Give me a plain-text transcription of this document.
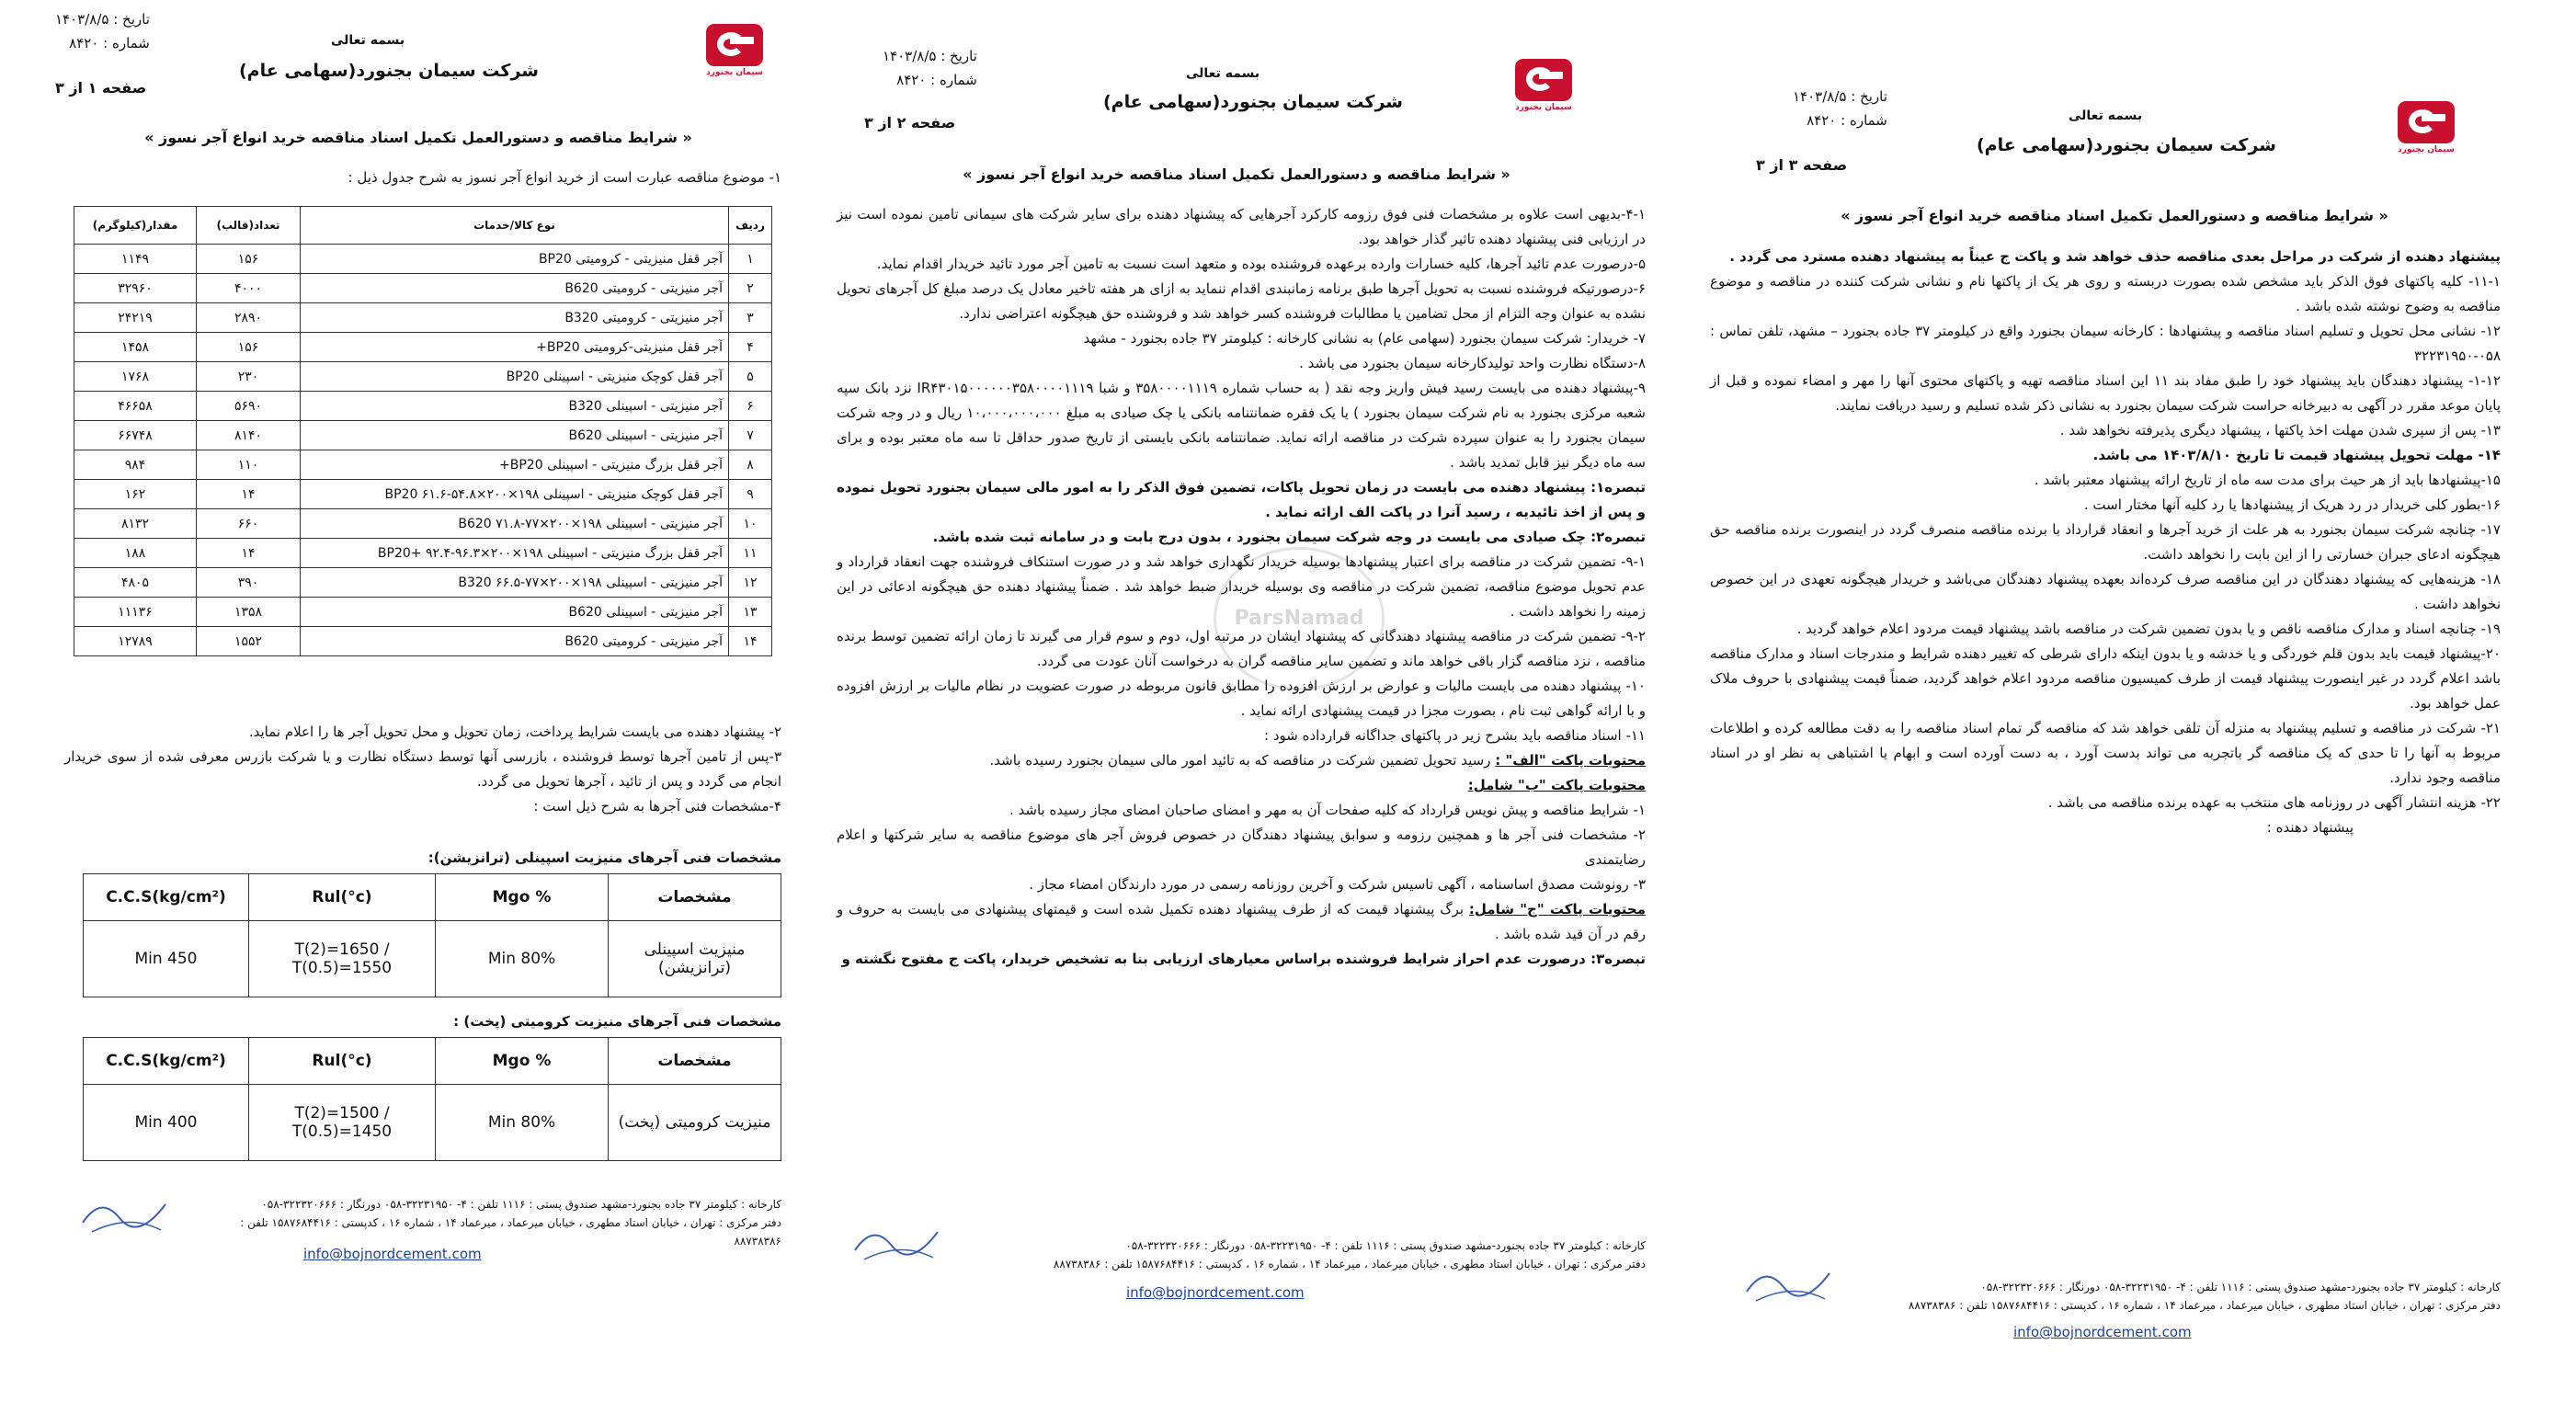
ParsNamad
تاریخ : ۱۴۰۳/۸/۵
شماره : ۸۴۲۰
صفحه ۱ از ۳
بسمه تعالی
شرکت سیمان بجنورد(سهامی عام)	سیمان بجنورد
« شرایط مناقصه و دستورالعمل تکمیل اسناد مناقصه خرید انواع آجر نسوز »
۱- موضوع مناقصه عبارت است از خرید انواع آجر نسوز به شرح جدول ذیل :
ردیف	نوع کالا/خدمات	تعداد(قالب)	مقدار(کیلوگرم)
۱	آجر قفل منیزیتی - کرومیتی BP20	۱۵۶	۱۱۴۹
۲	آجر منیزیتی - کرومیتی B620	۴۰۰۰	۳۲۹۶۰
۳	آجر منیزیتی - کرومیتی B320	۲۸۹۰	۲۴۲۱۹
۴	آجر قفل منیزیتی-کرومیتی BP20+	۱۵۶	۱۴۵۸
۵	آجر قفل کوچک منیزیتی - اسپینلی BP20	۲۳۰	۱۷۶۸
۶	آجر منیزیتی - اسپینلی B320	۵۶۹۰	۴۶۶۵۸
۷	آجر منیزیتی - اسپینلی B620	۸۱۴۰	۶۶۷۴۸
۸	آجر قفل بزرگ منیزیتی - اسپینلی BP20+	۱۱۰	۹۸۴
۹	آجر قفل کوچک منیزیتی - اسپینلی BP20 ۶۱.۶-۵۴.۸×۲۰۰×۱۹۸	۱۴	۱۶۲
۱۰	آجر منیزیتی - اسپینلی B620 ۷۱.۸-۷۷×۲۰۰×۱۹۸	۶۶۰	۸۱۳۲
۱۱	آجر قفل بزرگ منیزیتی - اسپینلی BP20+ ۹۲.۴-۹۶.۳×۲۰۰×۱۹۸	۱۴	۱۸۸
۱۲	آجر منیزیتی - اسپینلی B320 ۶۶.۵-۷۷×۲۰۰×۱۹۸	۳۹۰	۴۸۰۵
۱۳	آجر منیزیتی - اسپینلی B620	۱۳۵۸	۱۱۱۳۶
۱۴	آجر منیزیتی - کرومیتی B620	۱۵۵۲	۱۲۷۸۹
۲- پیشنهاد دهنده می بایست شرایط پرداخت، زمان تحویل و محل تحویل آجر ها را اعلام نماید.
۳-پس از تامین آجرها توسط فروشنده ، بازرسی آنها توسط دستگاه نظارت و یا شرکت بازرس معرفی شده از سوی خریدار انجام می گردد و پس از تائید ، آجرها تحویل می گردد.
۴-مشخصات فنی آجرها به شرح ذیل است :
مشخصات فنی آجرهای منیزیت اسپینلی (ترانزیشن):
مشخصات	Mgo %	Rul(°c)	C.C.S(kg/cm²)
منیزیت اسپینلی (ترانزیشن)	Min 80%	T(2)=1650 / T(0.5)=1550	Min 450
مشخصات فنی آجرهای منیزیت کرومیتی (پخت) :
مشخصات	Mgo %	Rul(°c)	C.C.S(kg/cm²)
منیزیت کرومیتی (پخت)	Min 80%	T(2)=1500 / T(0.5)=1450	Min 400
کارخانه : کیلومتر ۳۷ جاده بجنورد-مشهد صندوق پستی : ۱۱۱۶ تلفن : ۴- ۳۲۲۳۱۹۵۰-۰۵۸ دورنگار : ۳۲۲۳۲۰۶۶۶-۰۵۸
دفتر مرکزی : تهران ، خیابان استاد مطهری ، خیابان میرعماد ، میرعماد ۱۴ ، شماره ۱۶ ، کدپستی : ۱۵۸۷۶۸۴۴۱۶ تلفن : ۸۸۷۳۸۳۸۶
info@bojnordcement.com
تاریخ : ۱۴۰۳/۸/۵
شماره : ۸۴۲۰
صفحه ۲ از ۳
بسمه تعالی
شرکت سیمان بجنورد(سهامی عام)	سیمان بجنورد
« شرایط مناقصه و دستورالعمل تکمیل اسناد مناقصه خرید انواع آجر نسوز »
۴-۱-بدیهی است علاوه بر مشخصات فنی فوق رزومه کارکرد آجرهایی که پیشنهاد دهنده برای سایر شرکت های سیمانی تامین نموده است نیز در ارزیابی فنی پیشنهاد دهنده تاثیر گذار خواهد بود.
۵-درصورت عدم تائید آجرها، کلیه خسارات وارده برعهده فروشنده بوده و متعهد است نسبت به تامین آجر مورد تائید خریدار اقدام نماید.
۶-درصورتیکه فروشنده نسبت به تحویل آجرها طبق برنامه زمانبندی اقدام ننماید به ازای هر هفته تاخیر معادل یک درصد مبلغ کل آجرهای تحویل نشده به عنوان وجه التزام از محل تضامین یا مطالبات فروشنده کسر خواهد شد و فروشنده حق هیچگونه اعتراضی ندارد.
۷- خریدار: شرکت سیمان بجنورد (سهامی عام) به نشانی کارخانه : کیلومتر ۳۷ جاده بجنورد - مشهد
۸-دستگاه نظارت واحد تولیدکارخانه سیمان بجنورد می باشد .
۹-پیشنهاد دهنده می بایست رسید فیش واریز وجه نقد ( به حساب شماره ۳۵۸۰۰۰۰۱۱۱۹ و شبا IR۴۳۰۱۵۰۰۰۰۰۰۳۵۸۰۰۰۰۱۱۱۹ نزد بانک سپه شعبه مرکزی بجنورد به نام شرکت سیمان بجنورد ) یا یک فقره ضمانتنامه بانکی یا چک صیادی به مبلغ ۱۰،۰۰۰،۰۰۰،۰۰۰ ریال و در وجه شرکت سیمان بجنورد را به عنوان سپرده شرکت در مناقصه ارائه نماید. ضمانتنامه بانکی بایستی از تاریخ صدور حداقل تا سه ماه معتبر بوده و برای سه ماه دیگر نیز قابل تمدید باشد .
تبصره۱: پیشنهاد دهنده می بایست در زمان تحویل پاکات، تضمین فوق الذکر را به امور مالی سیمان بجنورد تحویل نموده و پس از اخذ تائیدیه ، رسید آنرا در پاکت الف ارائه نماید .
تبصره۲: چک صیادی می بایست در وجه شرکت سیمان بجنورد ، بدون درج بابت و در سامانه ثبت شده باشد.
۹-۱- تضمین شرکت در مناقصه برای اعتبار پیشنهادها بوسیله خریدار نگهداری خواهد شد و در صورت استنکاف فروشنده جهت انعقاد قرارداد و عدم تحویل موضوع مناقصه، تضمین شرکت در مناقصه وی بوسیله خریدار ضبط خواهد شد . ضمناً پیشنهاد دهنده حق هیچگونه ادعائی در این زمینه را نخواهد داشت .
۹-۲- تضمین شرکت در مناقصه پیشنهاد دهندگانی که پیشنهاد ایشان در مرتبه اول، دوم و سوم قرار می گیرند تا زمان ارائه تضمین توسط برنده مناقصه ، نزد مناقصه گزار باقی خواهد ماند و تضمین سایر مناقصه گران به درخواست آنان عودت می گردد.
۱۰- پیشنهاد دهنده می بایست مالیات و عوارض بر ارزش افزوده را مطابق قانون مربوطه در صورت عضویت در نظام مالیات بر ارزش افزوده و با ارائه گواهی ثبت نام ، بصورت مجزا در قیمت پیشنهادی ارائه نماید .
۱۱- اسناد مناقصه باید بشرح زیر در پاکتهای جداگانه قرارداده شود :
محتویات پاکت "الف" : رسید تحویل تضمین شرکت در مناقصه که به تائید امور مالی سیمان بجنورد رسیده باشد.
محتویات پاکت "ب" شامل:
۱- شرایط مناقصه و پیش نویس قرارداد که کلیه صفحات آن به مهر و امضای صاحبان امضای مجاز رسیده باشد .
۲- مشخصات فنی آجر ها و همچنین رزومه و سوابق پیشنهاد دهندگان در خصوص فروش آجر های موضوع مناقصه به سایر شرکتها و اعلام رضایتمندی
۳- رونوشت مصدق اساسنامه ، آگهی تاسیس شرکت و آخرین روزنامه رسمی در مورد دارندگان امضاء مجاز .
محتویات پاکت "ج" شامل: برگ پیشنهاد قیمت که از طرف پیشنهاد دهنده تکمیل شده است و قیمتهای پیشنهادی می بایست به حروف و رقم در آن قید شده باشد .
تبصره۳: درصورت عدم احراز شرایط فروشنده براساس معیارهای ارزیابی بنا به تشخیص خریدار، پاکت ج مفتوح نگشته و
کارخانه : کیلومتر ۳۷ جاده بجنورد-مشهد صندوق پستی : ۱۱۱۶ تلفن : ۴- ۳۲۲۳۱۹۵۰-۰۵۸ دورنگار : ۳۲۲۳۲۰۶۶۶-۰۵۸
دفتر مرکزی : تهران ، خیابان استاد مطهری ، خیابان میرعماد ، میرعماد ۱۴ ، شماره ۱۶ ، کدپستی : ۱۵۸۷۶۸۴۴۱۶ تلفن : ۸۸۷۳۸۳۸۶
info@bojnordcement.com
تاریخ : ۱۴۰۳/۸/۵
شماره : ۸۴۲۰
صفحه ۳ از ۳
بسمه تعالی
شرکت سیمان بجنورد(سهامی عام)	سیمان بجنورد
« شرایط مناقصه و دستورالعمل تکمیل اسناد مناقصه خرید انواع آجر نسوز »
پیشنهاد دهنده از شرکت در مراحل بعدی مناقصه حذف خواهد شد و پاکت ج عیناً به پیشنهاد دهنده مسترد می گردد .
۱۱-۱- کلیه پاکتهای فوق الذکر باید مشخص شده بصورت دربسته و روی هر یک از پاکتها نام و نشانی شرکت کننده در مناقصه و موضوع مناقصه به وضوح نوشته شده باشد .
۱۲- نشانی محل تحویل و تسلیم اسناد مناقصه و پیشنهادها : کارخانه سیمان بجنورد واقع در کیلومتر ۳۷ جاده بجنورد – مشهد، تلفن تماس : ۰۵۸-۳۲۲۳۱۹۵۰
۱-۱۲- پیشنهاد دهندگان باید پیشنهاد خود را طبق مفاد بند ۱۱ این اسناد مناقصه تهیه و پاکتهای محتوی آنها را مهر و امضاء نموده و قبل از پایان موعد مقرر در آگهی به دبیرخانه حراست شرکت سیمان بجنورد به نشانی ذکر شده تسلیم و رسید دریافت نمایند.
۱۳- پس از سپری شدن مهلت اخذ پاکتها ، پیشنهاد دیگری پذیرفته نخواهد شد .
۱۴- مهلت تحویل پیشنهاد قیمت تا تاریخ ۱۴۰۳/۸/۱۰ می باشد.
۱۵-پیشنهادها باید از هر حیث برای مدت سه ماه از تاریخ ارائه پیشنهاد معتبر باشد .
۱۶-بطور کلی خریدار در رد هریک از پیشنهادها یا رد کلیه آنها مختار است .
۱۷- چنانچه شرکت سیمان بجنورد به هر علت از خرید آجرها و انعقاد قرارداد با برنده مناقصه منصرف گردد در اینصورت برنده مناقصه حق هیچگونه ادعای جبران خسارتی را از این بابت را نخواهد داشت.
۱۸- هزینه‌هایی که پیشنهاد دهندگان در این مناقصه صرف کرده‌اند بعهده پیشنهاد دهندگان می‌باشد و خریدار هیچگونه تعهدی در این خصوص نخواهد داشت .
۱۹- چنانچه اسناد و مدارک مناقصه ناقص و یا بدون تضمین شرکت در مناقصه باشد پیشنهاد قیمت مردود اعلام خواهد گردید .
۲۰-پیشنهاد قیمت باید بدون قلم خوردگی و یا خدشه و یا بدون اینکه دارای شرطی که تغییر دهنده شرایط و مندرجات اسناد و مدارک مناقصه باشد اعلام گردد در غیر اینصورت پیشنهاد قیمت از طرف کمیسیون مناقصه مردود اعلام خواهد گردید، ضمناً قیمت پیشنهادی با حروف ملاک عمل خواهد بود.
۲۱- شرکت در مناقصه و تسلیم پیشنهاد به منزله آن تلقی خواهد شد که مناقصه گر تمام اسناد مناقصه را به دقت مطالعه کرده و اطلاعات مربوط به آنها را تا حدی که یک مناقصه گر باتجربه می تواند بدست آورد ، به دست آورده است و ابهام یا اشتباهی به نظر او در اسناد مناقصه وجود ندارد.
۲۲- هزینه انتشار آگهی در روزنامه های منتخب به عهده برنده مناقصه می باشد .
پیشنهاد دهنده :
کارخانه : کیلومتر ۳۷ جاده بجنورد-مشهد صندوق پستی : ۱۱۱۶ تلفن : ۴- ۳۲۲۳۱۹۵۰-۰۵۸ دورنگار : ۳۲۲۳۲۰۶۶۶-۰۵۸
دفتر مرکزی : تهران ، خیابان استاد مطهری ، خیابان میرعماد ، میرعماد ۱۴ ، شماره ۱۶ ، کدپستی : ۱۵۸۷۶۸۴۴۱۶ تلفن : ۸۸۷۳۸۳۸۶
info@bojnordcement.com
